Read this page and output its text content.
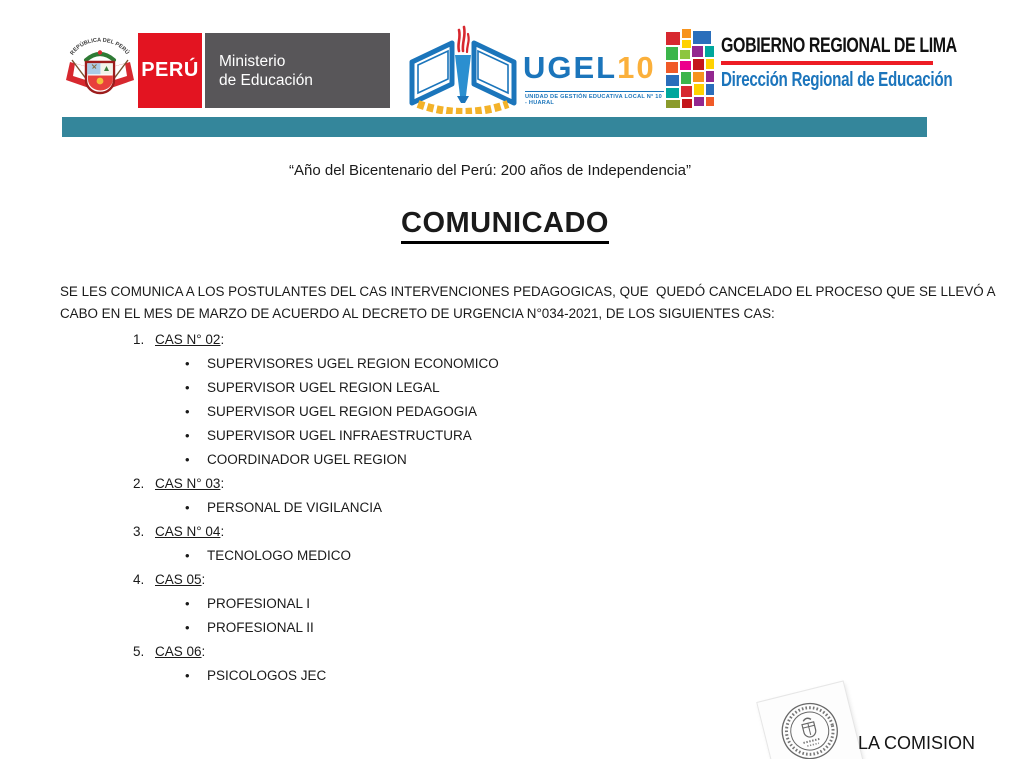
REPÚBLICA DEL PERÚ
PERÚ Ministerio
de Educación	UGEL10
UNIDAD DE GESTIÓN EDUCATIVA LOCAL N° 10 - HUARAL
GOBIERNO REGIONAL DE LIMA
Dirección Regional de Educación
“Año del Bicentenario del Perú: 200 años de Independencia”
COMUNICADO
SE LES COMUNICA A LOS POSTULANTES DEL CAS INTERVENCIONES PEDAGOGICAS, QUE  QUEDÓ CANCELADO EL PROCESO QUE SE LLEVÓ A CABO EN EL MES DE MARZO DE ACUERDO AL DECRETO DE URGENCIA N°034-2021, DE LOS SIGUIENTES CAS:
1. CAS N° 02:
• SUPERVISORES UGEL REGION ECONOMICO
• SUPERVISOR UGEL REGION LEGAL
• SUPERVISOR UGEL REGION PEDAGOGIA
• SUPERVISOR UGEL INFRAESTRUCTURA
• COORDINADOR UGEL REGION
2. CAS N° 03:
• PERSONAL DE VIGILANCIA
3. CAS N° 04:
• TECNOLOGO MEDICO
4. CAS 05:
• PROFESIONAL I
• PROFESIONAL II
5. CAS 06:
• PSICOLOGOS JEC
LA COMISION
